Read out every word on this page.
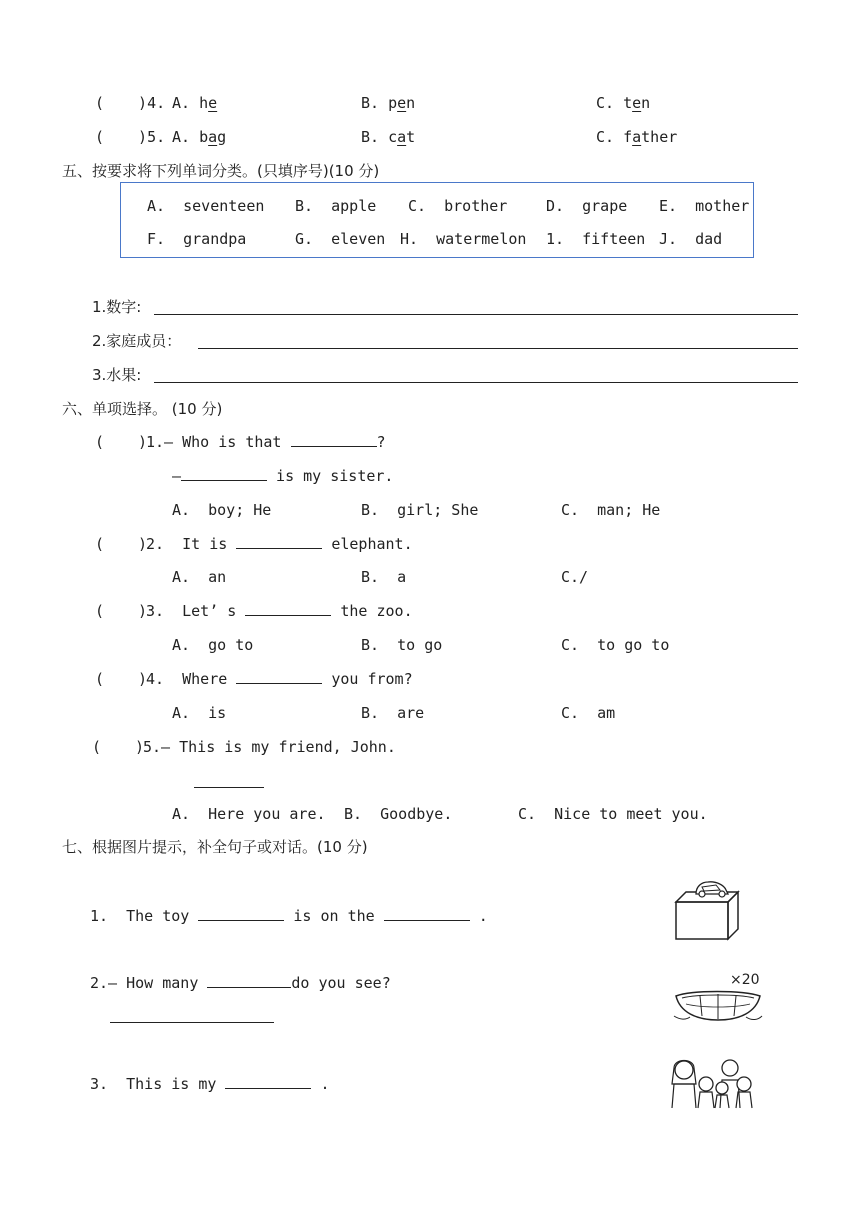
( )4. A. he	B. pen	C. ten
( )5. A. bag	B. cat	C. father
五、按要求将下列单词分类。(只填序号)(10 分)
A.  seventeen B.  apple C.  brother	D.  grape E.  mother
F.  grandpa	G.  eleven H.  watermelon 1.  fifteen J.  dad
1.数字:
2.家庭成员：
3.水果:
六、单项选择。 (10 分)
( )
1.— Who is that	?
—	is my sister.
A.  boy; He	B.  girl; She	C.  man; He
( )
2.  It is	elephant.
A.  an	B.  a	C./
( )
3.  Let’ s	the zoo.
A.  go to	B.  to go	C.  to go to
( )
4.  Where	you from?
A.  is	B.  are	C.  am
( )
5.— This is my friend, John.
A.  Here you are. B.  Goodbye.	C.  Nice to meet you.
七、根据图片提示，补全句子或对话。(10 分)
1.  The toy	is on the	.
2.— How many	do you see?	×20
3.  This is my	.
